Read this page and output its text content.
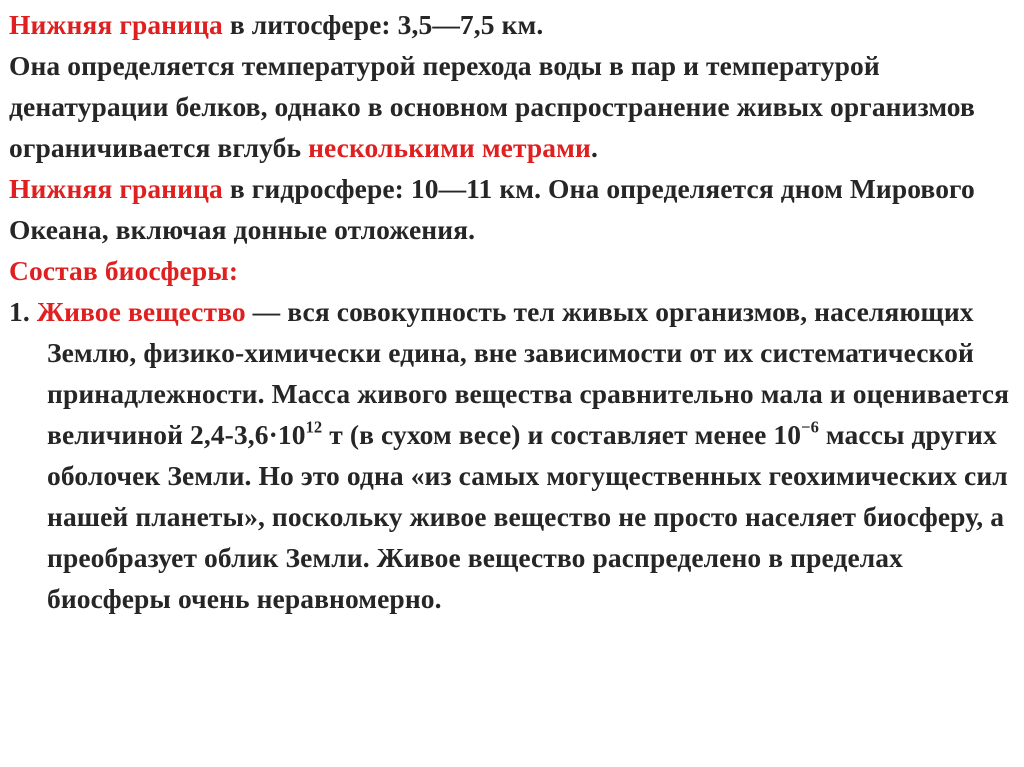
Нижняя граница в литосфере: 3,5—7,5 км.

Она определяется температурой перехода воды в пар и температурой денатурации белков, однако в основном распространение живых организмов ограничивается вглубь несколькими метрами.

Нижняя граница в гидросфере: 10—11 км. Она определяется дном Мирового Океана, включая донные отложения.

Состав биосферы:

1. Живое вещество — вся совокупность тел живых организмов, населяющих Землю, физико-химически едина, вне зависимости от их систематической принадлежности. Масса живого вещества сравнительно мала и оценивается величиной $2,4-3,6\cdot 10^{12}$ т (в сухом весе) и составляет менее $10^{-6}$ массы других оболочек Земли. Но это одна «из самых могущественных геохимических сил нашей планеты», поскольку живое вещество не просто населяет биосферу, а преобразует облик Земли. Живое вещество распределено в пределах биосферы очень неравномерно.
